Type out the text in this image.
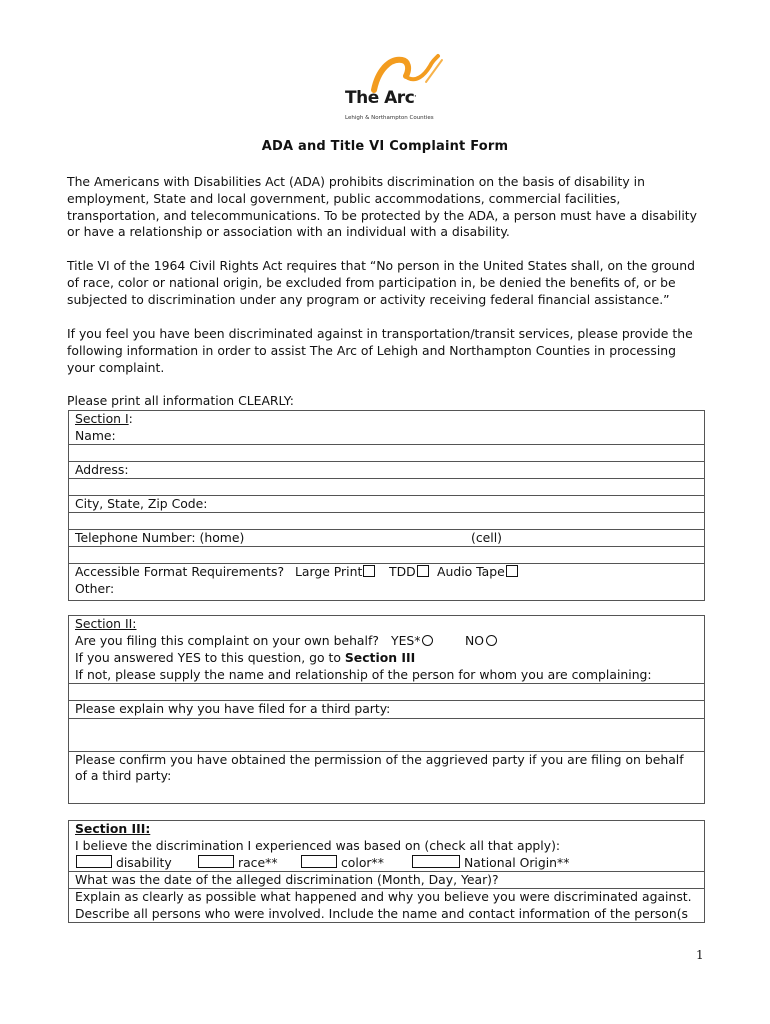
The Arc.
Lehigh & Northampton Counties
ADA and Title VI Complaint Form
The Americans with Disabilities Act (ADA) prohibits discrimination on the basis of disability in employment, State and local government, public accommodations, commercial facilities, transportation, and telecommunications. To be protected by the ADA, a person must have a disability or have a relationship or association with an individual with a disability.
Title VI of the 1964 Civil Rights Act requires that “No person in the United States shall, on the ground of race, color or national origin, be excluded from participation in, be denied the benefits of, or be subjected to discrimination under any program or activity receiving federal financial assistance.”
If you feel you have been discriminated against in transportation/transit services, please provide the following information in order to assist The Arc of Lehigh and Northampton Counties in processing your complaint.
Please print all information CLEARLY:
Section I:
Name:
Address:
City, State, Zip Code:
Telephone Number: (home)	(cell)
Accessible Format Requirements? Large Print	TDD	Audio Tape
Other:
Section II:
Are you filing this complaint on your own behalf? YES*	NO
If you answered YES to this question, go to Section III
If not, please supply the name and relationship of the person for whom you are complaining:
Please explain why you have filed for a third party:
Please confirm you have obtained the permission of the aggrieved party if you are filing on behalf of a third party:
Section III:
I believe the discrimination I experienced was based on (check all that apply):
disability	race**	color**	National Origin**
What was the date of the alleged discrimination (Month, Day, Year)?
Explain as clearly as possible what happened and why you believe you were discriminated against.
Describe all persons who were involved. Include the name and contact information of the person(s
1
